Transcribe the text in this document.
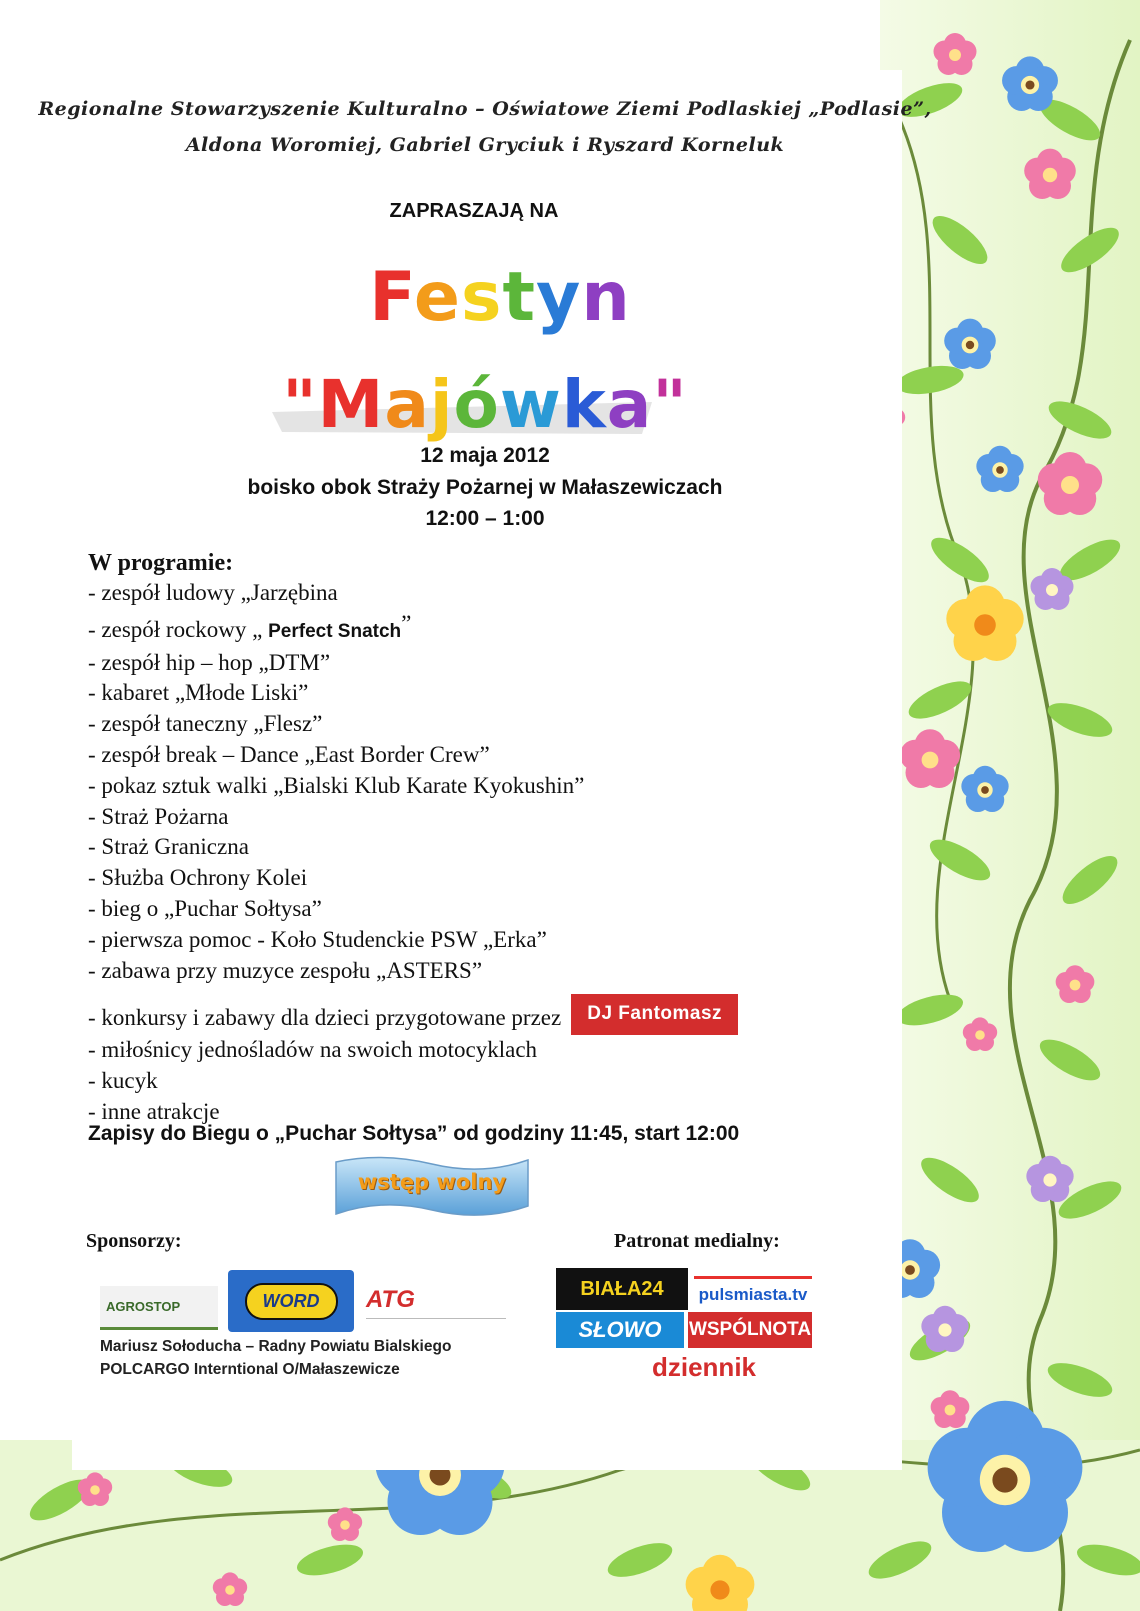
Regionalne Stowarzyszenie Kulturalno – Oświatowe Ziemi Podlaskiej „Podlasie”,
Aldona Woromiej, Gabriel Gryciuk i Ryszard Korneluk
ZAPRASZAJĄ NA
Festyn
"Majówka"
12 maja 2012
boisko obok Straży Pożarnej w Małaszewiczach
12:00 – 1:00
W programie:
- zespół ludowy „Jarzębina
- zespół rockowy „ Perfect Snatch”
- zespół hip – hop „DTM”
- kabaret „Młode Liski”
- zespół taneczny „Flesz”
- zespół break – Dance „East Border Crew”
- pokaz sztuk walki „Bialski Klub Karate Kyokushin”
- Straż Pożarna
- Straż Graniczna
- Służba Ochrony Kolei
- bieg o „Puchar Sołtysa”
- pierwsza pomoc - Koło Studenckie PSW „Erka”
- zabawa przy muzyce zespołu „ASTERS”
- konkursy i zabawy dla dzieci przygotowane przez DJ Fantomasz
- miłośnicy jednośladów na swoich motocyklach
- kucyk
- inne atrakcje
Zapisy do Biegu o „Puchar Sołtysa” od godziny 11:45, start 12:00
wstęp wolny
Sponsorzy:	Patronat medialny:
AGROSTOP	WORD	ATG
Mariusz Sołoducha – Radny Powiatu Bialskiego
POLCARGO Interntional O/Małaszewicze
BIAŁA24	pulsmiasta.tv
SŁOWO	WSPÓLNOTA
dziennik
